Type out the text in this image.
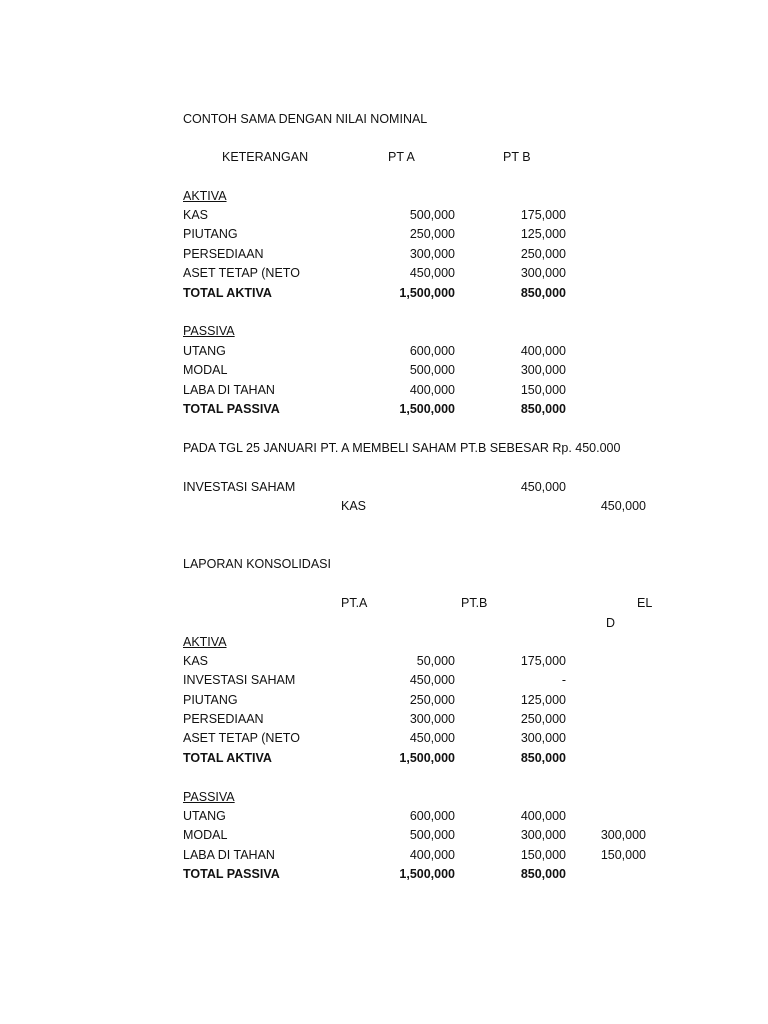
CONTOH SAMA DENGAN NILAI NOMINAL
KETERANGAN	PT A	PT B
AKTIVA
KAS	500,000	175,000
PIUTANG	250,000	125,000
PERSEDIAAN	300,000	250,000
ASET TETAP (NETO	450,000	300,000
TOTAL AKTIVA	1,500,000	850,000
PASSIVA
UTANG	600,000	400,000
MODAL	500,000	300,000
LABA DI TAHAN	400,000	150,000
TOTAL PASSIVA	1,500,000	850,000
PADA TGL 25 JANUARI PT. A MEMBELI SAHAM PT.B SEBESAR Rp. 450.000
INVESTASI SAHAM	450,000
KAS	450,000
LAPORAN KONSOLIDASI
PT.A	PT.B	EL
D
AKTIVA
KAS	50,000	175,000
INVESTASI SAHAM	450,000	-
PIUTANG	250,000	125,000
PERSEDIAAN	300,000	250,000
ASET TETAP (NETO	450,000	300,000
TOTAL AKTIVA	1,500,000	850,000
PASSIVA
UTANG	600,000	400,000
MODAL	500,000	300,000	300,000
LABA DI TAHAN	400,000	150,000	150,000
TOTAL PASSIVA	1,500,000	850,000
